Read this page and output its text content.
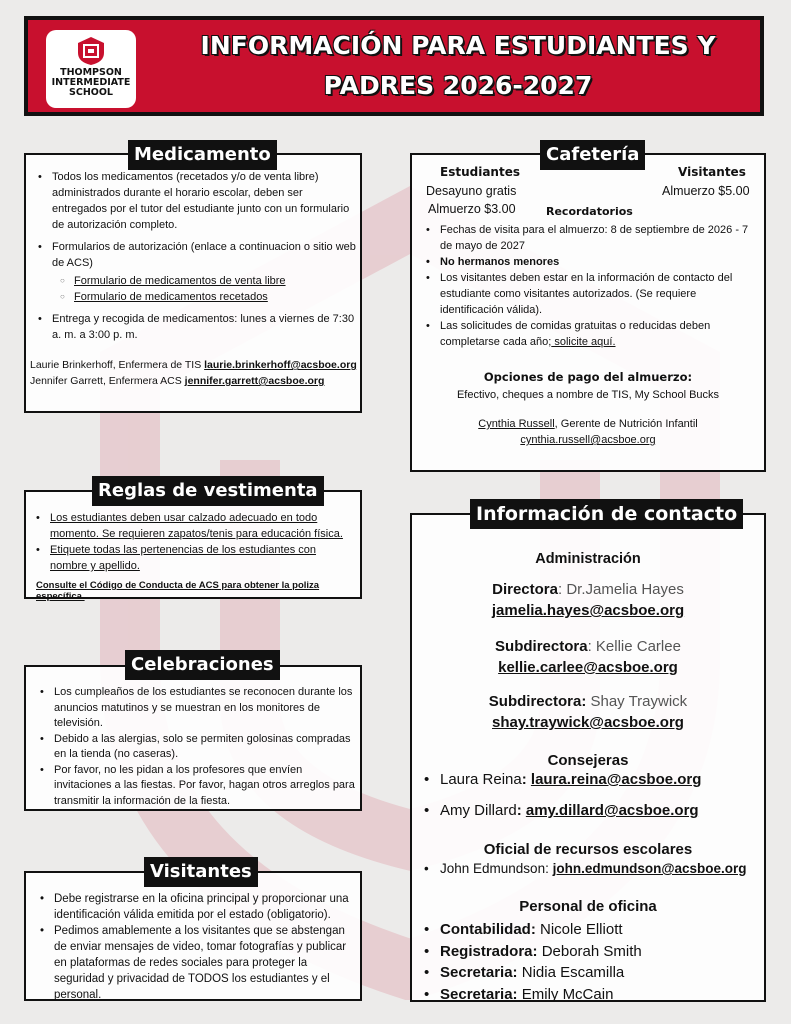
THOMPSON INTERMEDIATE SCHOOL
INFORMACIÓN PARA ESTUDIANTES Y
PADRES 2026-2027
• Todos los medicamentos (recetados y/o de venta libre) administrados durante el horario escolar, deben ser entregados por el tutor del estudiante junto con un formulario de autorización completo.
• Formularios de autorización (enlace a continuacion o sitio web de ACS)
○ Formulario de medicamentos de venta libre
○ Formulario de medicamentos recetados
• Entrega y recogida de medicamentos: lunes a viernes de 7:30 a. m. a 3:00 p. m.
Laurie Brinkerhoff, Enfermera de TIS laurie.brinkerhoff@acsboe.org
Jennifer Garrett, Enfermera ACS jennifer.garrett@acsboe.org
Medicamento
Estudiantes	Visitantes
Desayuno gratis
Almuerzo $3.00
Almuerzo $5.00
Recordatorios
• Fechas de visita para el almuerzo: 8 de septiembre de 2026 - 7 de mayo de 2027
• No hermanos menores
• Los visitantes deben estar en la información de contacto del estudiante como visitantes autorizados. (Se requiere identificación válida).
• Las solicitudes de comidas gratuitas o reducidas deben completarse cada año; solicite aquí.
Opciones de pago del almuerzo:
Efectivo, cheques a nombre de TIS, My School Bucks
Cynthia Russell, Gerente de Nutrición Infantil
cynthia.russell@acsboe.org
Cafetería
• Los estudiantes deben usar calzado adecuado en todo momento. Se requieren zapatos/tenis para educación física.
• Etiquete todas las pertenencias de los estudiantes con nombre y apellido.
Consulte el Código de Conducta de ACS para obtener la poliza específica.
Reglas de vestimenta
• Los cumpleaños de los estudiantes se reconocen durante los anuncios matutinos y se muestran en los monitores de televisión.
• Debido a las alergias, solo se permiten golosinas compradas en la tienda (no caseras).
• Por favor, no les pidan a los profesores que envíen invitaciones a las fiestas. Por favor, hagan otros arreglos para transmitir la información de la fiesta.
Celebraciones
• Debe registrarse en la oficina principal y proporcionar una identificación válida emitida por el estado (obligatorio).
• Pedimos amablemente a los visitantes que se abstengan de enviar mensajes de video, tomar fotografías y publicar en plataformas de redes sociales para proteger la seguridad y privacidad de TODOS los estudiantes y el personal.
Visitantes
Administración
Directora: Dr.Jamelia Hayes
jamelia.hayes@acsboe.org
Subdirectora: Kellie Carlee
kellie.carlee@acsboe.org
Subdirectora: Shay Traywick
shay.traywick@acsboe.org
Consejeras
• Laura Reina: laura.reina@acsboe.org
• Amy Dillard: amy.dillard@acsboe.org
Oficial de recursos escolares
• John Edmundson: john.edmundson@acsboe.org
Personal de oficina
• Contabilidad: Nicole Elliott
• Registradora: Deborah Smith
• Secretaria: Nidia Escamilla
• Secretaria: Emily McCain
Información de contacto
